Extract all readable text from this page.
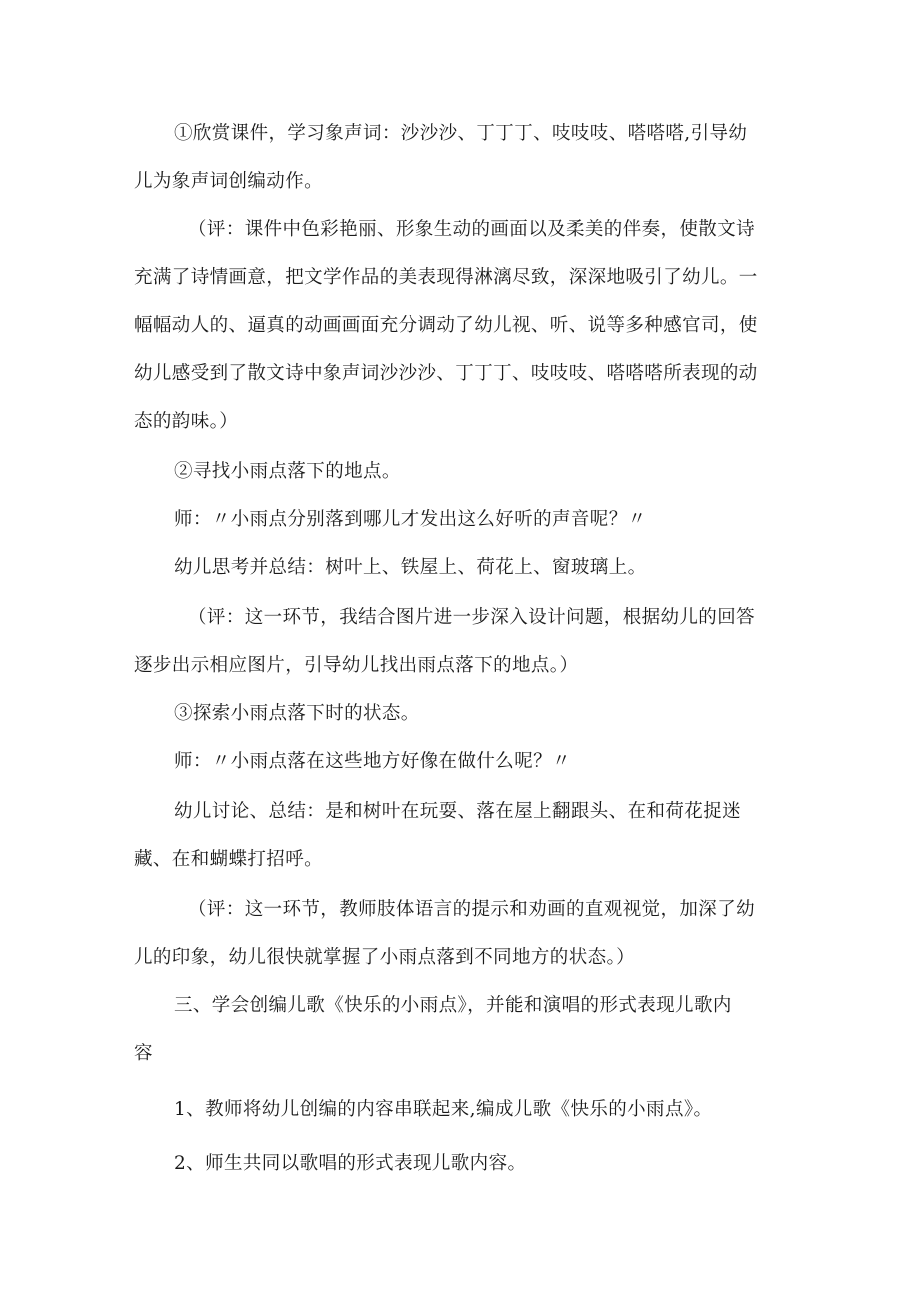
①欣赏课件，学习象声词：沙沙沙、丁丁丁、吱吱吱、嗒嗒嗒,引导幼
儿为象声词创编动作。

（评：课件中色彩艳丽、形象生动的画面以及柔美的伴奏，使散文诗
充满了诗情画意，把文学作品的美表现得淋漓尽致，深深地吸引了幼儿。一
幅幅动人的、逼真的动画画面充分调动了幼儿视、听、说等多种感官司，使
幼儿感受到了散文诗中象声词沙沙沙、丁丁丁、吱吱吱、嗒嗒嗒所表现的动
态的韵味。）

②寻找小雨点落下的地点。

师：〃小雨点分别落到哪儿才发出这么好听的声音呢？〃

幼儿思考并总结：树叶上、铁屋上、荷花上、窗玻璃上。

（评：这一环节，我结合图片进一步深入设计问题，根据幼儿的回答
逐步出示相应图片，引导幼儿找出雨点落下的地点。）

③探索小雨点落下时的状态。

师：〃小雨点落在这些地方好像在做什么呢？〃

幼儿讨论、总结：是和树叶在玩耍、落在屋上翻跟头、在和荷花捉迷
藏、在和蝴蝶打招呼。

（评：这一环节，教师肢体语言的提示和劝画的直观视觉，加深了幼
儿的印象，幼儿很快就掌握了小雨点落到不同地方的状态。）

三、学会创编儿歌《快乐的小雨点》，并能和演唱的形式表现儿歌内
容

1、教师将幼儿创编的内容串联起来,编成儿歌《快乐的小雨点》。

2、师生共同以歌唱的形式表现儿歌内容。
